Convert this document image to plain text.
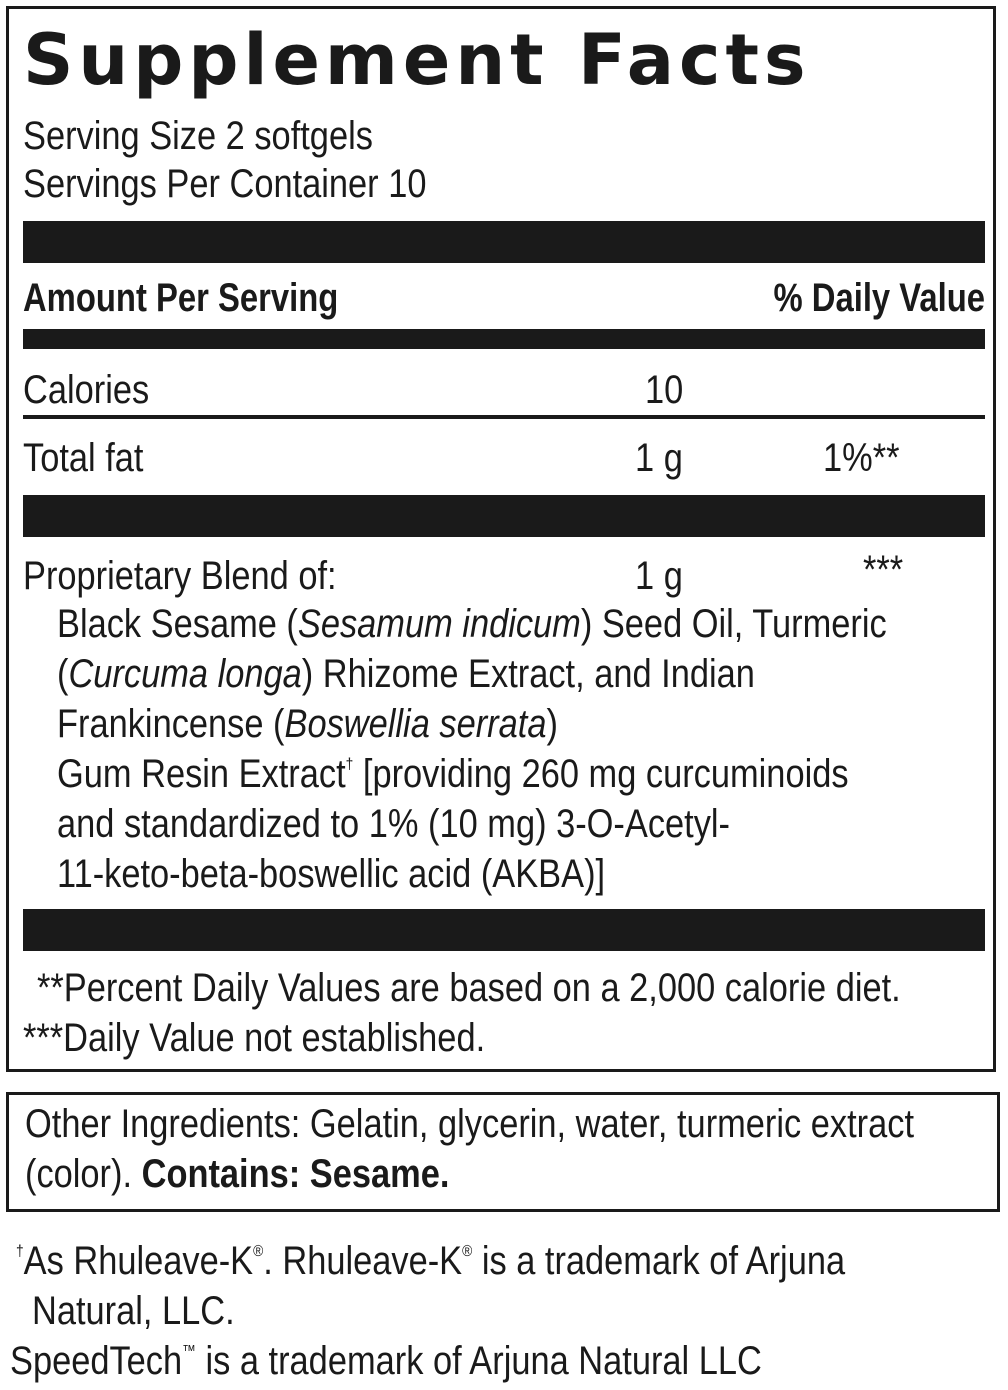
Supplement Facts
Serving Size 2 softgels
Servings Per Container 10
Amount Per Serving	% Daily Value
Calories	10
Total fat	1 g	1%**
Proprietary Blend of:	1 g	***
Black Sesame (Sesamum indicum) Seed Oil, Turmeric
(Curcuma longa) Rhizome Extract, and Indian
Frankincense (Boswellia serrata)
Gum Resin Extract† [providing 260 mg curcuminoids
and standardized to 1% (10 mg) 3-O-Acetyl-
11-keto-beta-boswellic acid (AKBA)]
**Percent Daily Values are based on a 2,000 calorie diet.
***Daily Value not established.
Other Ingredients: Gelatin, glycerin, water, turmeric extract
(color). Contains: Sesame.
†As Rhuleave-K®. Rhuleave-K® is a trademark of Arjuna
Natural, LLC.
SpeedTech™ is a trademark of Arjuna Natural LLC
